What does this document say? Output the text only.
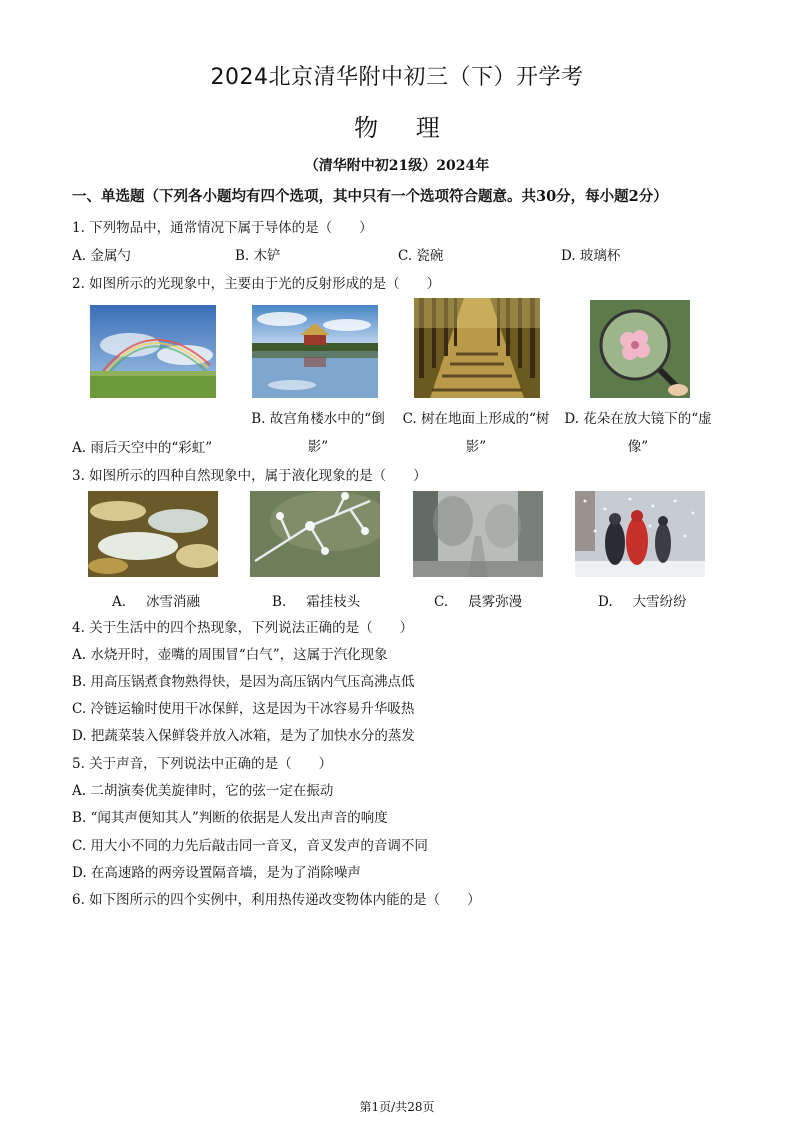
2024北京清华附中初三（下）开学考
物 理
（清华附中初21级）2024年
一、单选题（下列各小题均有四个选项，其中只有一个选项符合题意。共30分，每小题2分）
1. 下列物品中，通常情况下属于导体的是（　　）
A. 金属勺	B. 木铲	C. 瓷碗	D. 玻璃杯
2. 如图所示的光现象中，主要由于光的反射形成的是（　　）
A. 雨后天空中的“彩虹”
B. 故宫角楼水中的“倒
影”
C. 树在地面上形成的“树
影”
D. 花朵在放大镜下的“虚
像”
3. 如图所示的四种自然现象中，属于液化现象的是（　　）
A. 冰雪消融	B. 霜挂枝头	C. 晨雾弥漫	D. 大雪纷纷
4. 关于生活中的四个热现象，下列说法正确的是（　　）
A. 水烧开时，壶嘴的周围冒“白气”，这属于汽化现象
B. 用高压锅煮食物熟得快，是因为高压锅内气压高沸点低
C. 冷链运输时使用干冰保鲜，这是因为干冰容易升华吸热
D. 把蔬菜装入保鲜袋并放入冰箱，是为了加快水分的蒸发
5. 关于声音，下列说法中正确的是（　　）
A. 二胡演奏优美旋律时，它的弦一定在振动
B. “闻其声便知其人”判断的依据是人发出声音的响度
C. 用大小不同的力先后敲击同一音叉，音叉发声的音调不同
D. 在高速路的两旁设置隔音墙，是为了消除噪声
6. 如下图所示的四个实例中，利用热传递改变物体内能的是（　　）
第1页/共28页
